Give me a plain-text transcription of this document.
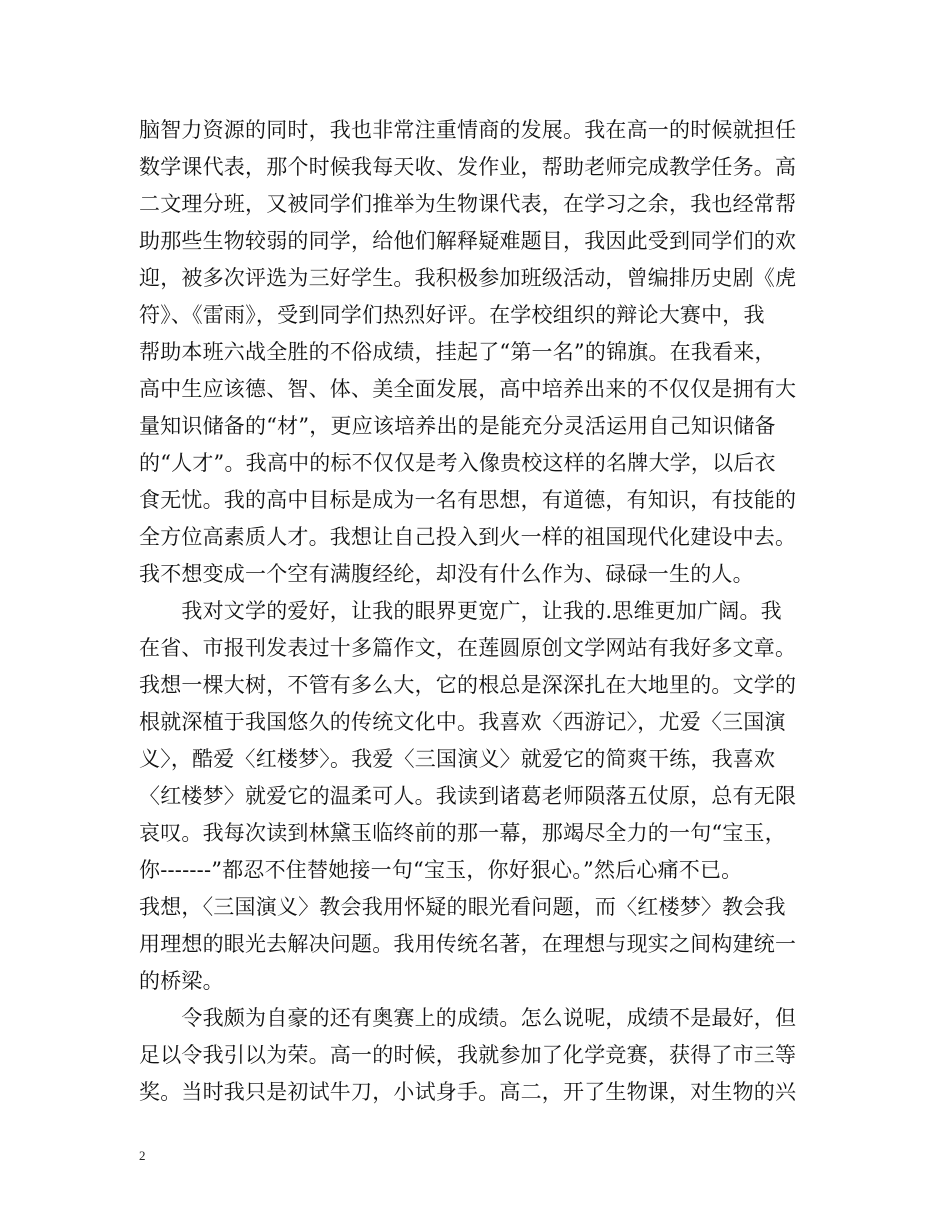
脑智力资源的同时，我也非常注重情商的发展。我在高一的时候就担任
数学课代表，那个时候我每天收、发作业，帮助老师完成教学任务。高
二文理分班，又被同学们推举为生物课代表，在学习之余，我也经常帮
助那些生物较弱的同学，给他们解释疑难题目，我因此受到同学们的欢
迎，被多次评选为三好学生。我积极参加班级活动，曾编排历史剧《虎
符》、《雷雨》，受到同学们热烈好评。在学校组织的辩论大赛中，我
帮助本班六战全胜的不俗成绩，挂起了“第一名”的锦旗。在我看来，
高中生应该德、智、体、美全面发展，高中培养出来的不仅仅是拥有大
量知识储备的“材”，更应该培养出的是能充分灵活运用自己知识储备
的“人才”。我高中的标不仅仅是考入像贵校这样的名牌大学，以后衣
食无忧。我的高中目标是成为一名有思想，有道德，有知识，有技能的
全方位高素质人才。我想让自己投入到火一样的祖国现代化建设中去。
我不想变成一个空有满腹经纶，却没有什么作为、碌碌一生的人。
　　我对文学的爱好，让我的眼界更宽广，让我的.思维更加广阔。我
在省、市报刊发表过十多篇作文，在莲圆原创文学网站有我好多文章。
我想一棵大树，不管有多么大，它的根总是深深扎在大地里的。文学的
根就深植于我国悠久的传统文化中。我喜欢〈西游记〉，尤爱〈三国演
义〉，酷爱〈红楼梦〉。我爱〈三国演义〉就爱它的简爽干练，我喜欢
〈红楼梦〉就爱它的温柔可人。我读到诸葛老师陨落五仗原，总有无限
哀叹。我每次读到林黛玉临终前的那一幕，那竭尽全力的一句“宝玉，
你-------”都忍不住替她接一句“宝玉，你好狠心。”然后心痛不已。
我想，〈三国演义〉教会我用怀疑的眼光看问题，而〈红楼梦〉教会我
用理想的眼光去解决问题。我用传统名著，在理想与现实之间构建统一
的桥梁。
　　令我颇为自豪的还有奥赛上的成绩。怎么说呢，成绩不是最好，但
足以令我引以为荣。高一的时候，我就参加了化学竞赛，获得了市三等
奖。当时我只是初试牛刀，小试身手。高二，开了生物课，对生物的兴
2
